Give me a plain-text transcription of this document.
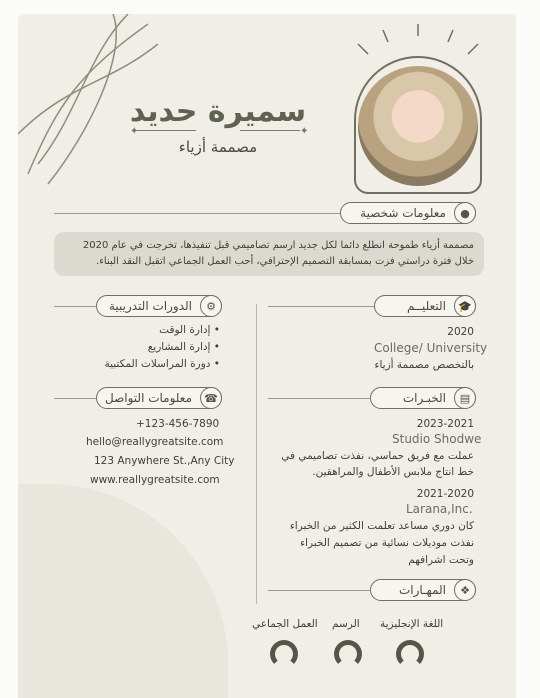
سميرة حديد
✦	✦
مصممة أزياء
●
معلومات شخصية
مصممة أزياء طموحة انطلع دائما لكل جديد ارسم تصاميمي قبل تنفيذها، تخرجت في عام 2020
خلال فترة دراستي فزت بمسابقة التصميم الإحترافي، أحب العمل الجماعي اتقبل النقد البناء.
⚙
الدورات التدريبية
• إدارة الوقت
• إدارة المشاريع
• دورة المراسلات المكتبية
🎓
التعليــم
2020
College/ University
بالتخصص مصممة أزياء
☎
معلومات التواصل
+123-456-7890
hello@reallygreatsite.com
123 Anywhere St.,Any City
www.reallygreatsite.com
▤
الخبـرات
2023-2021
Studio Shodwe
عملت مع فريق حماسي، نفذت تصاميمي في
خط انتاج ملابس الأطفال والمراهقين.
2021-2020
Larana,Inc.
كان دوري مساعد تعلمت الكثير من الخبراء
نفذت موديلات نسائية من تصميم الخبراء
وتحت اشرافهم
❖
المهـارات
اللغة الإنجليزية
الرسم
العمل الجماعي
